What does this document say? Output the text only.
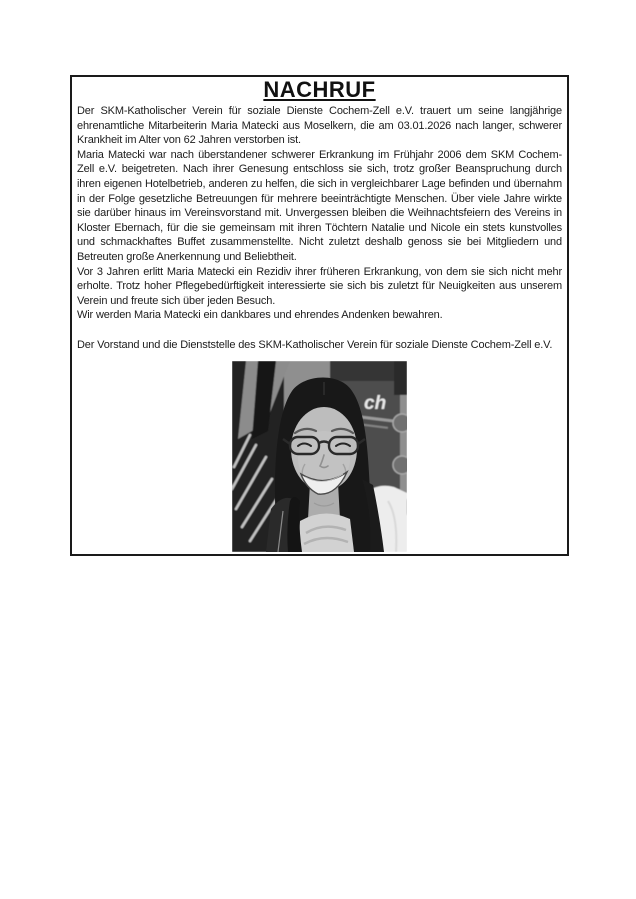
NACHRUF

Der SKM-Katholischer Verein für soziale Dienste Cochem-Zell e.V. trauert um seine langjährige ehrenamtliche Mitarbeiterin Maria Matecki aus Moselkern, die am 03.01.2026 nach langer, schwerer Krankheit im Alter von 62 Jahren verstorben ist.

Maria Matecki war nach überstandener schwerer Erkrankung im Frühjahr 2006 dem SKM Cochem-Zell e.V. beigetreten. Nach ihrer Genesung entschloss sie sich, trotz großer Beanspruchung durch ihren eigenen Hotelbetrieb, anderen zu helfen, die sich in vergleichbarer Lage befinden und übernahm in der Folge gesetzliche Betreuungen für mehrere beeinträchtigte Menschen. Über viele Jahre wirkte sie darüber hinaus im Vereinsvorstand mit. Unvergessen bleiben die Weihnachtsfeiern des Vereins in Kloster Ebernach, für die sie gemeinsam mit ihren Töchtern Natalie und Nicole ein stets kunstvolles und schmackhaftes Buffet zusammenstellte. Nicht zuletzt deshalb genoss sie bei Mitgliedern und Betreuten große Anerkennung und Beliebtheit.

Vor 3 Jahren erlitt Maria Matecki ein Rezidiv ihrer früheren Erkrankung, von dem sie sich nicht mehr erholte. Trotz hoher Pflegebedürftigkeit interessierte sie sich bis zuletzt für Neuigkeiten aus unserem Verein und freute sich über jeden Besuch.

Wir werden Maria Matecki ein dankbares und ehrendes Andenken bewahren.

Der Vorstand und die Dienststelle des SKM-Katholischer Verein für soziale Dienste Cochem-Zell e.V.

ch
